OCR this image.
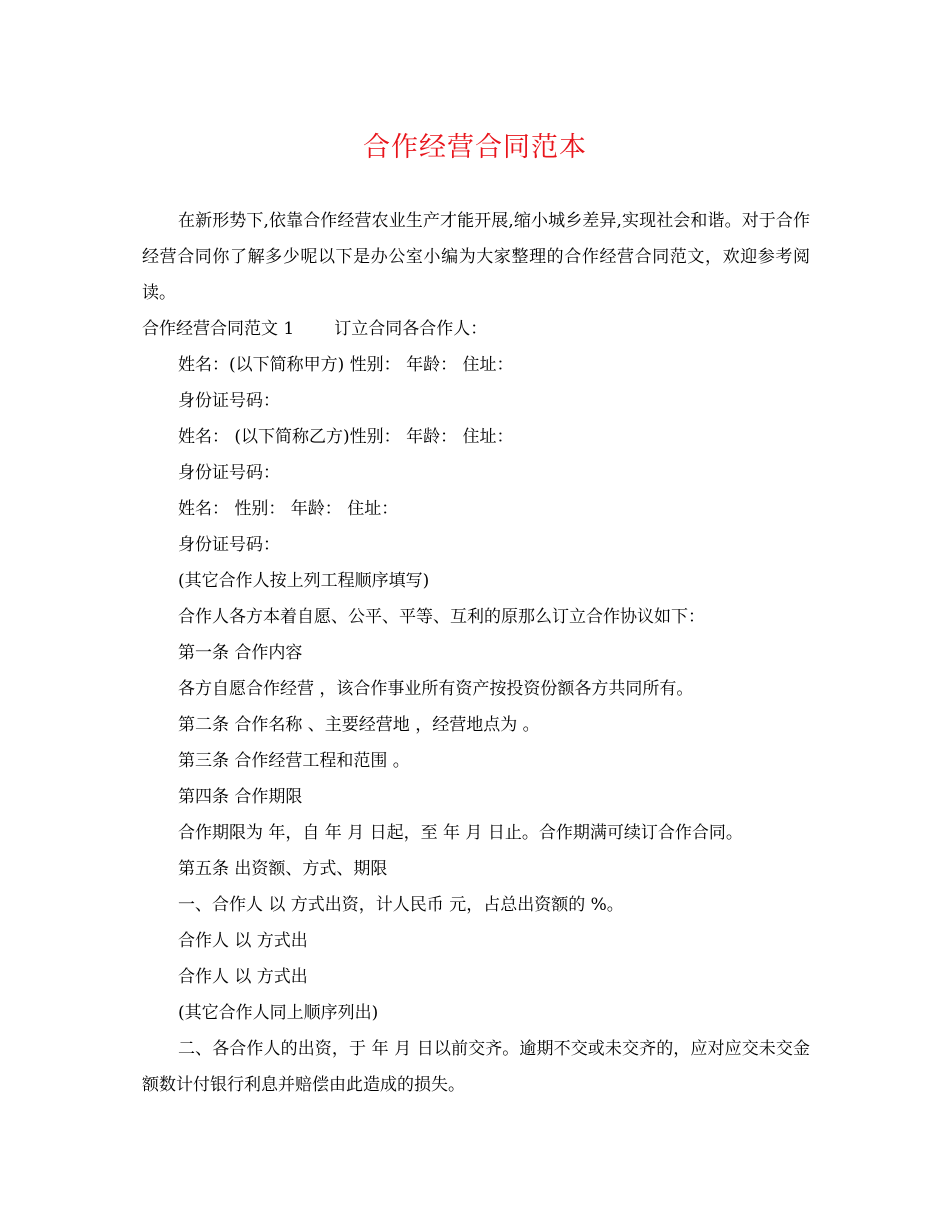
合作经营合同范本

在新形势下,依靠合作经营农业生产才能开展,缩小城乡差异,实现社会和谐。对于合作经营合同你了解多少呢以下是办公室小编为大家整理的合作经营合同范文，欢迎参考阅读。

合作经营合同范文 1 订立合同各合作人：

姓名：(以下简称甲方) 性别： 年龄： 住址：

身份证号码：

姓名： (以下简称乙方)性别： 年龄： 住址：

身份证号码：

姓名： 性别： 年龄： 住址：

身份证号码：

(其它合作人按上列工程顺序填写)

合作人各方本着自愿、公平、平等、互利的原那么订立合作协议如下：

第一条 合作内容

各方自愿合作经营 ，该合作事业所有资产按投资份额各方共同所有。

第二条 合作名称 、主要经营地 ，经营地点为 。

第三条 合作经营工程和范围 。

第四条 合作期限

合作期限为 年，自 年 月 日起，至 年 月 日止。合作期满可续订合作合同。

第五条 出资额、方式、期限

一、合作人 以 方式出资，计人民币 元，占总出资额的 %。

合作人 以 方式出

合作人 以 方式出

(其它合作人同上顺序列出)

二、各合作人的出资，于 年 月 日以前交齐。逾期不交或未交齐的，应对应交未交金额数计付银行利息并赔偿由此造成的损失。
